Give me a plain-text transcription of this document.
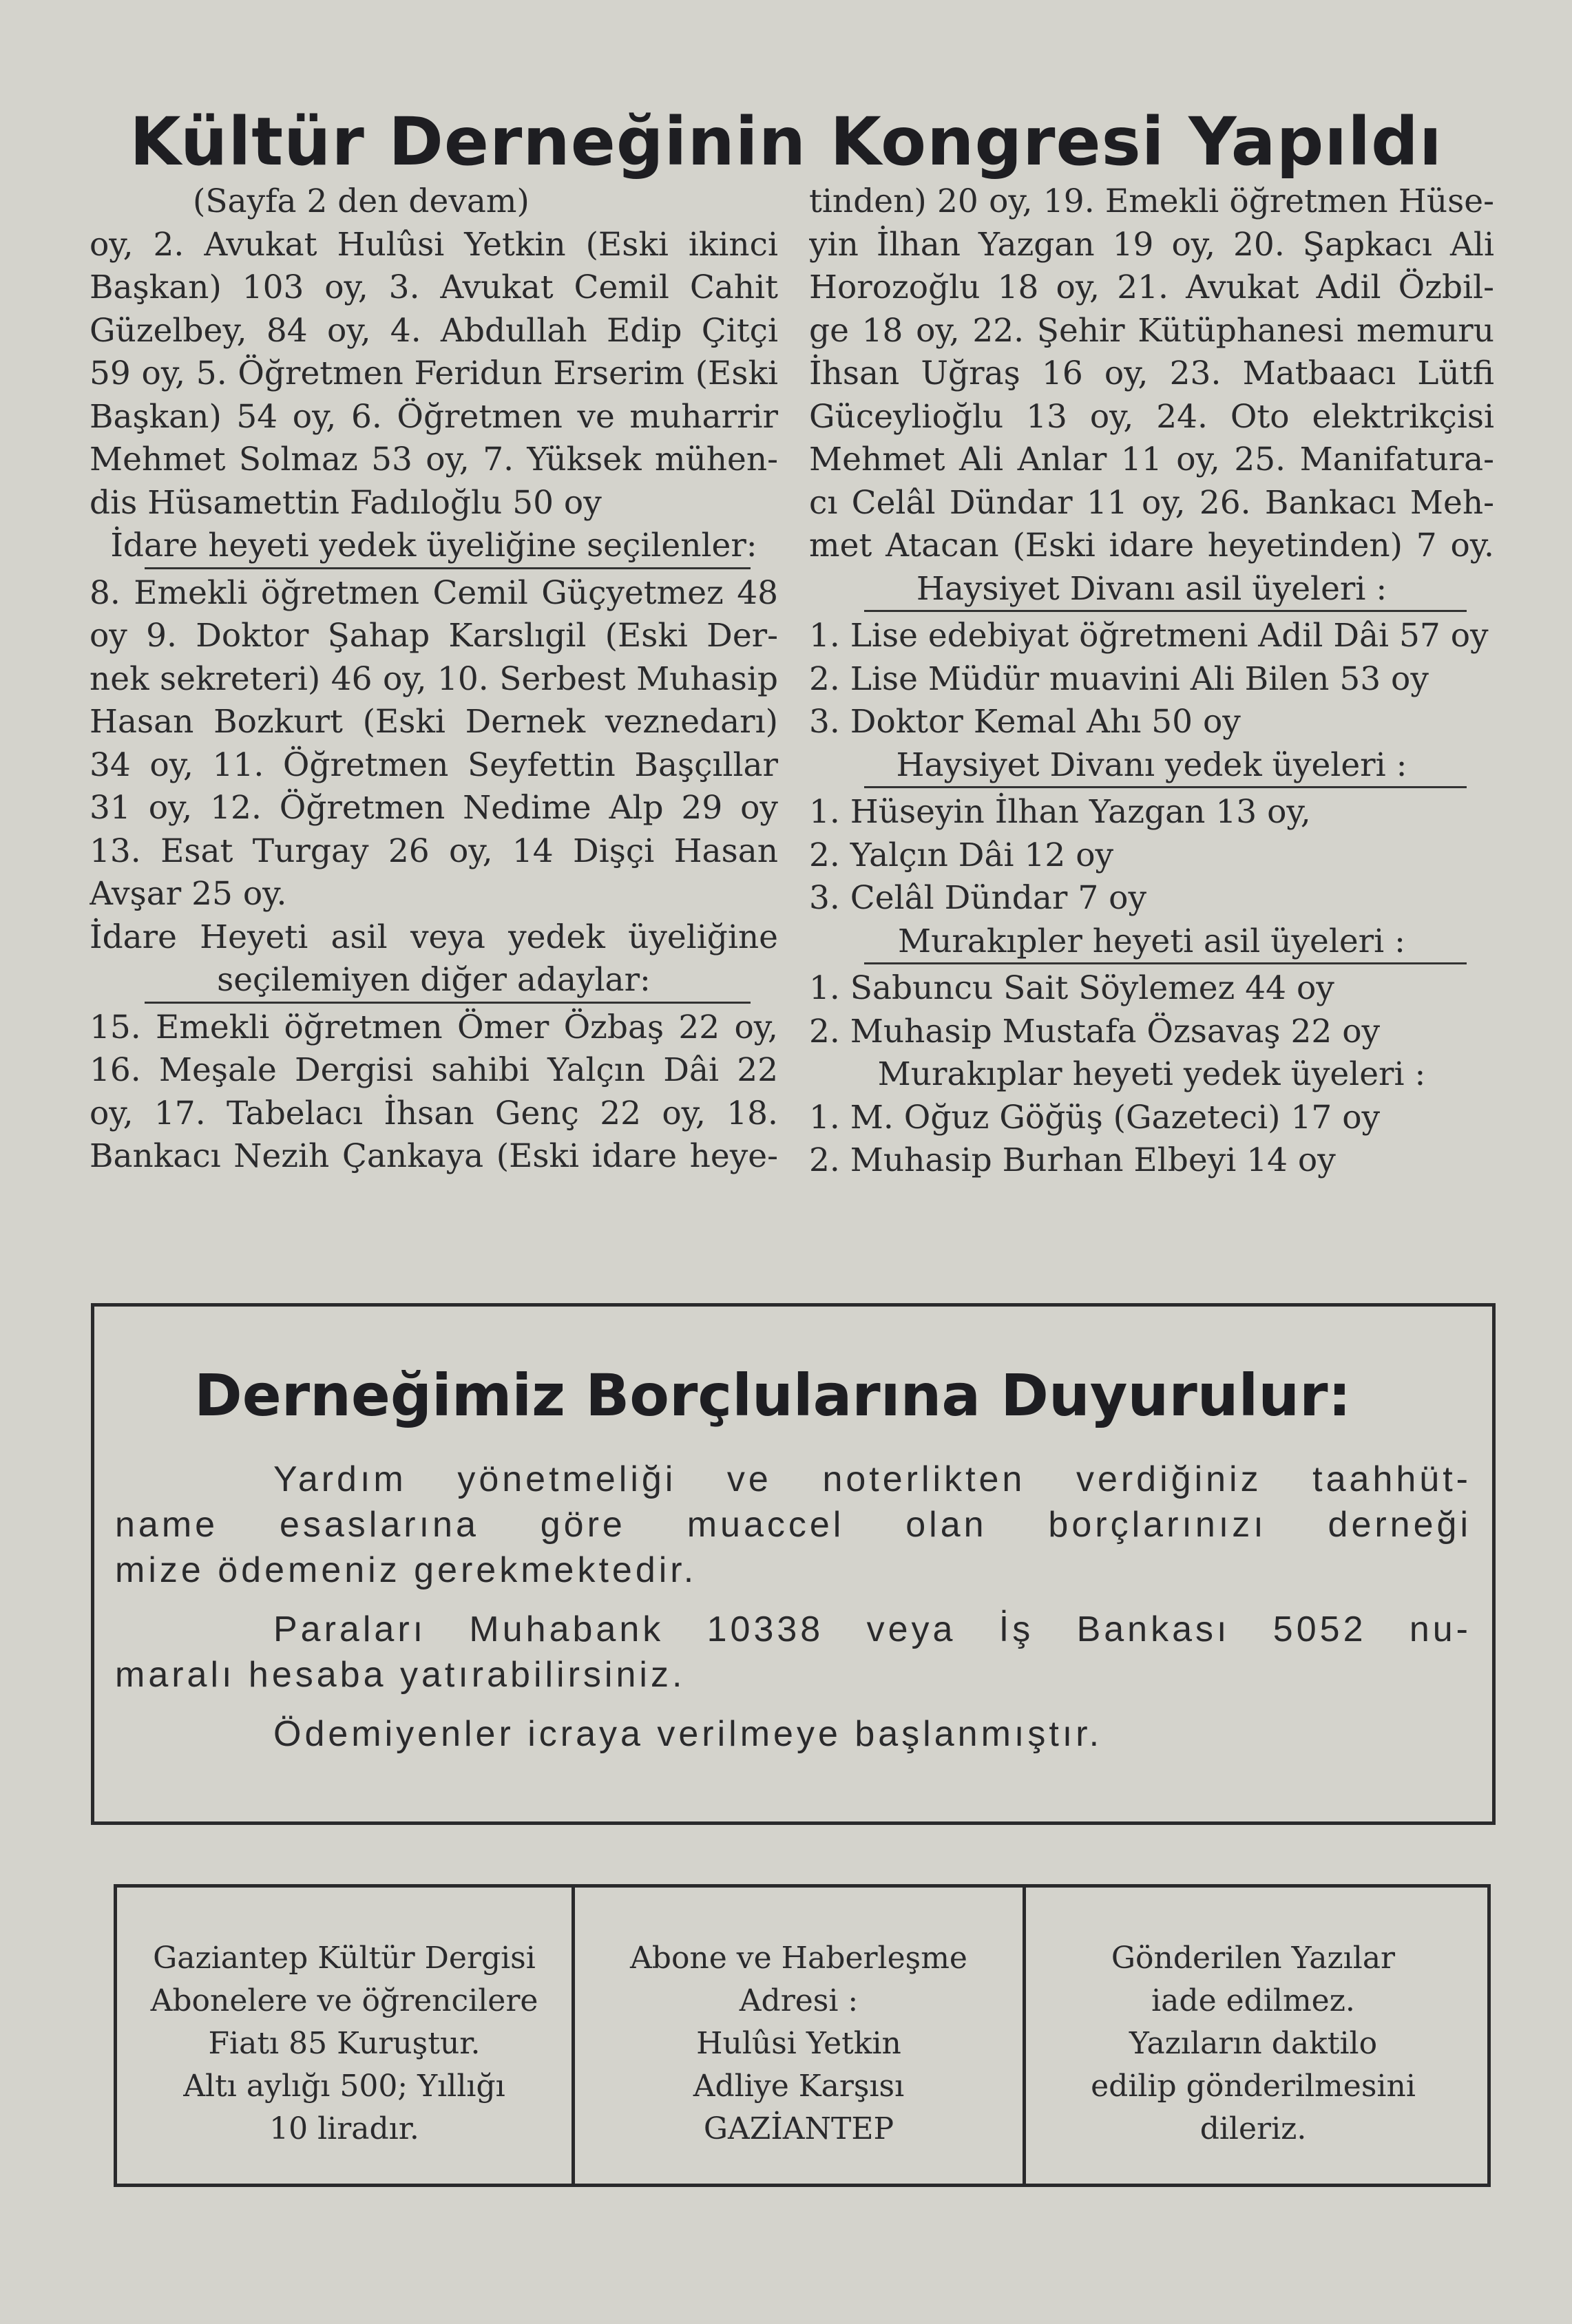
Kültür Derneğinin Kongresi Yapıldı
(Sayfa 2 den devam)
oy, 2. Avukat Hulûsi Yetkin (Eski ikinci
Başkan) 103 oy, 3. Avukat Cemil Cahit
Güzelbey, 84 oy, 4. Abdullah Edip Çitçi
59 oy, 5. Öğretmen Feridun Erserim (Eski
Başkan) 54 oy, 6. Öğretmen ve muharrir
Mehmet Solmaz 53 oy, 7. Yüksek mühen-
dis Hüsamettin Fadıloğlu 50 oy
İdare heyeti yedek üyeliğine seçilenler:
8. Emekli öğretmen Cemil Güçyetmez 48
oy 9. Doktor Şahap Karslıgil (Eski Der-
nek sekreteri) 46 oy, 10. Serbest Muhasip
Hasan Bozkurt (Eski Dernek veznedarı)
34 oy, 11. Öğretmen Seyfettin Başçıllar
31 oy, 12. Öğretmen Nedime Alp 29 oy
13. Esat Turgay 26 oy, 14 Dişçi Hasan
Avşar 25 oy.
İdare Heyeti asil veya yedek üyeliğine
seçilemiyen diğer adaylar:
15. Emekli öğretmen Ömer Özbaş 22 oy,
16. Meşale Dergisi sahibi Yalçın Dâi 22
oy, 17. Tabelacı İhsan Genç 22 oy, 18.
Bankacı Nezih Çankaya (Eski idare heye-
tinden) 20 oy, 19. Emekli öğretmen Hüse-
yin İlhan Yazgan 19 oy, 20. Şapkacı Ali
Horozoğlu 18 oy, 21. Avukat Adil Özbil-
ge 18 oy, 22. Şehir Kütüphanesi memuru
İhsan Uğraş 16 oy, 23. Matbaacı Lütfi
Güceylioğlu 13 oy, 24. Oto elektrikçisi
Mehmet Ali Anlar 11 oy, 25. Manifatura-
cı Celâl Dündar 11 oy, 26. Bankacı Meh-
met Atacan (Eski idare heyetinden) 7 oy.
Haysiyet Divanı asil üyeleri :
1. Lise edebiyat öğretmeni Adil Dâi 57 oy
2. Lise Müdür muavini Ali Bilen 53 oy
3. Doktor Kemal Ahı 50 oy
Haysiyet Divanı yedek üyeleri :
1. Hüseyin İlhan Yazgan 13 oy,
2. Yalçın Dâi 12 oy
3. Celâl Dündar 7 oy
Murakıpler heyeti asil üyeleri :
1. Sabuncu Sait Söylemez 44 oy
2. Muhasip Mustafa Özsavaş 22 oy
Murakıplar heyeti yedek üyeleri :
1. M. Oğuz Göğüş (Gazeteci) 17 oy
2. Muhasip Burhan Elbeyi 14 oy
Derneğimiz Borçlularına Duyurulur:
Yardım yönetmeliği ve noterlikten verdiğiniz taahhüt-
name esaslarına göre muaccel olan borçlarınızı derneği
mize ödemeniz gerekmektedir.
Paraları Muhabank 10338 veya İş Bankası 5052 nu-
maralı hesaba yatırabilirsiniz.
Ödemiyenler icraya verilmeye başlanmıştır.
Gaziantep Kültür Dergisi
Abonelere ve öğrencilere
Fiatı 85 Kuruştur.
Altı aylığı 500; Yıllığı
10 liradır.
Abone ve Haberleşme
Adresi :
Hulûsi Yetkin
Adliye Karşısı
GAZİANTEP
Gönderilen Yazılar
iade edilmez.
Yazıların daktilo
edilip gönderilmesini
dileriz.
